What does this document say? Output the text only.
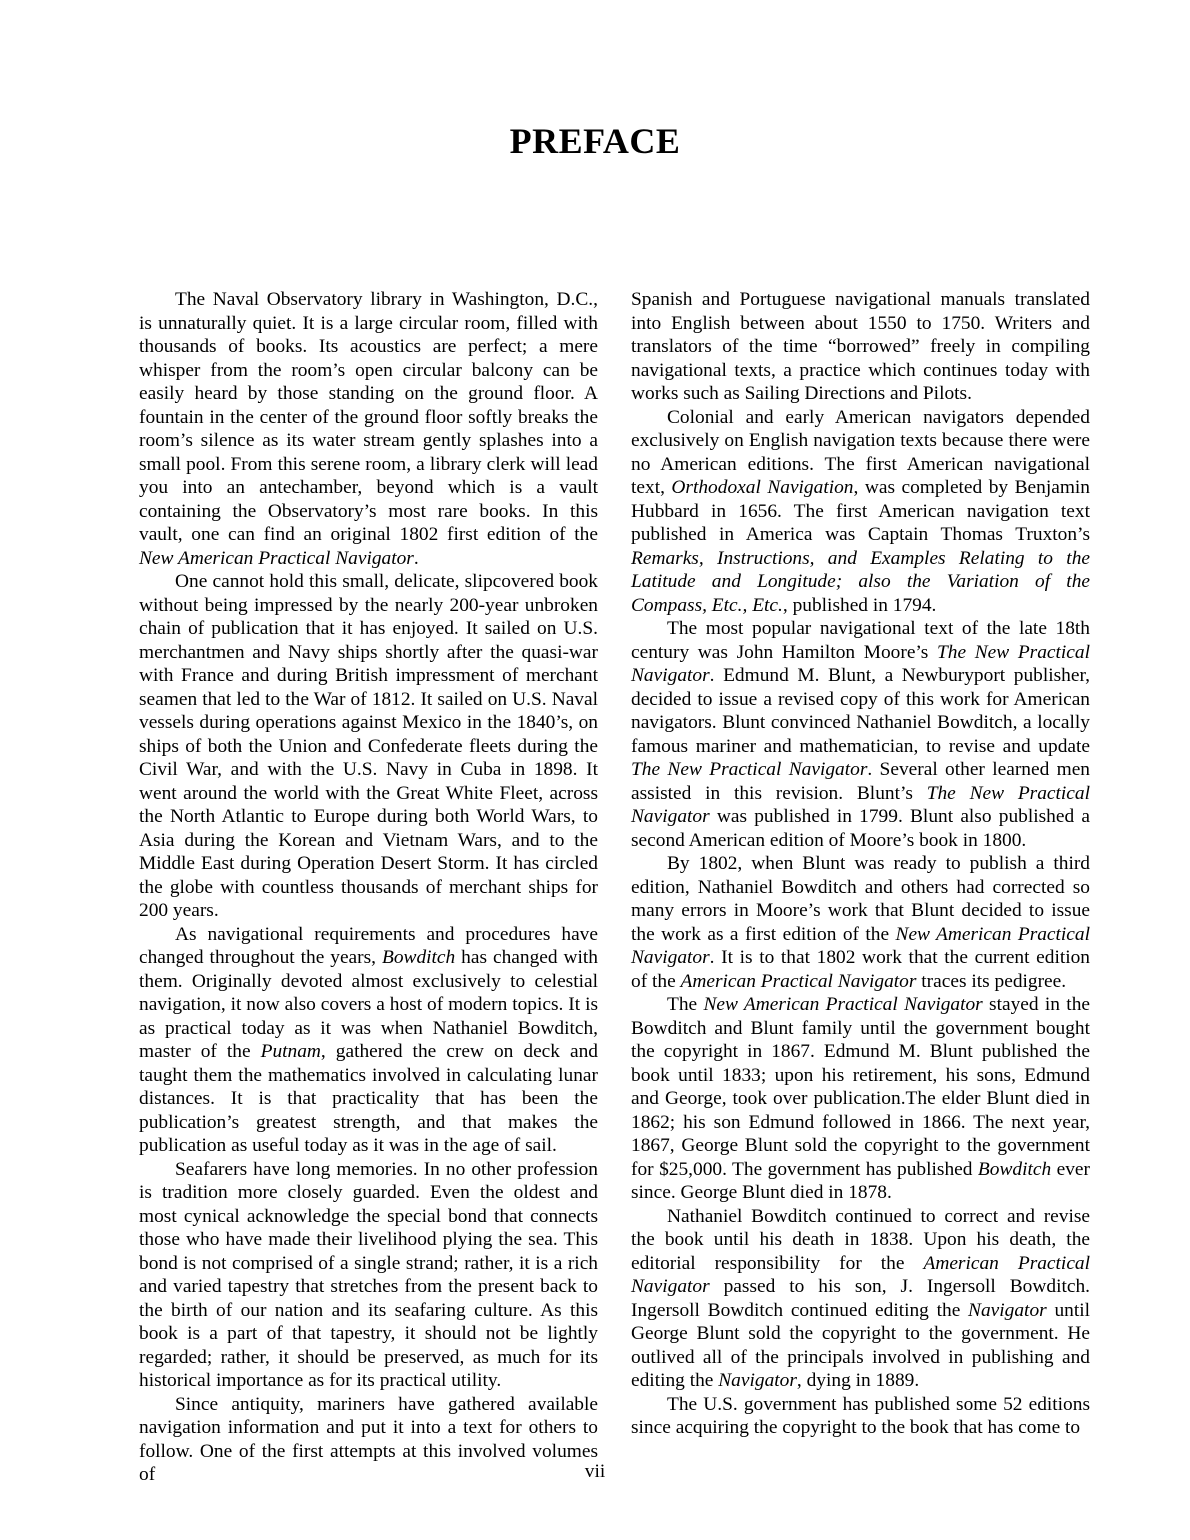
PREFACE

The Naval Observatory library in Washington, D.C., is unnaturally quiet. It is a large circular room, filled with thousands of books. Its acoustics are perfect; a mere whisper from the room’s open circular balcony can be easily heard by those standing on the ground floor. A fountain in the center of the ground floor softly breaks the room’s silence as its water stream gently splashes into a small pool. From this serene room, a library clerk will lead you into an antechamber, beyond which is a vault containing the Observatory’s most rare books. In this vault, one can find an original 1802 first edition of the New American Practical Navigator.

One cannot hold this small, delicate, slipcovered book without being impressed by the nearly 200-year unbroken chain of publication that it has enjoyed. It sailed on U.S. merchantmen and Navy ships shortly after the quasi-war with France and during British impressment of merchant seamen that led to the War of 1812. It sailed on U.S. Naval vessels during operations against Mexico in the 1840’s, on ships of both the Union and Confederate fleets during the Civil War, and with the U.S. Navy in Cuba in 1898. It went around the world with the Great White Fleet, across the North Atlantic to Europe during both World Wars, to Asia during the Korean and Vietnam Wars, and to the Middle East during Operation Desert Storm. It has circled the globe with countless thousands of merchant ships for 200 years.

As navigational requirements and procedures have changed throughout the years, Bowditch has changed with them. Originally devoted almost exclusively to celestial navigation, it now also covers a host of modern topics. It is as practical today as it was when Nathaniel Bowditch, master of the Putnam, gathered the crew on deck and taught them the mathematics involved in calculating lunar distances. It is that practicality that has been the publication’s greatest strength, and that makes the publication as useful today as it was in the age of sail.

Seafarers have long memories. In no other profession is tradition more closely guarded. Even the oldest and most cynical acknowledge the special bond that connects those who have made their livelihood plying the sea. This bond is not comprised of a single strand; rather, it is a rich and varied tapestry that stretches from the present back to the birth of our nation and its seafaring culture. As this book is a part of that tapestry, it should not be lightly regarded; rather, it should be preserved, as much for its historical importance as for its practical utility.

Since antiquity, mariners have gathered available navigation information and put it into a text for others to follow. One of the first attempts at this involved volumes of

Spanish and Portuguese navigational manuals translated into English between about 1550 to 1750. Writers and translators of the time “borrowed” freely in compiling navigational texts, a practice which continues today with works such as Sailing Directions and Pilots.

Colonial and early American navigators depended exclusively on English navigation texts because there were no American editions. The first American navigational text, Orthodoxal Navigation, was completed by Benjamin Hubbard in 1656. The first American navigation text published in America was Captain Thomas Truxton’s Remarks, Instructions, and Examples Relating to the Latitude and Longitude; also the Variation of the Compass, Etc., Etc., published in 1794.

The most popular navigational text of the late 18th century was John Hamilton Moore’s The New Practical Navigator. Edmund M. Blunt, a Newburyport publisher, decided to issue a revised copy of this work for American navigators. Blunt convinced Nathaniel Bowditch, a locally famous mariner and mathematician, to revise and update The New Practical Navigator. Several other learned men assisted in this revision. Blunt’s The New Practical Navigator was published in 1799. Blunt also published a second American edition of Moore’s book in 1800.

By 1802, when Blunt was ready to publish a third edition, Nathaniel Bowditch and others had corrected so many errors in Moore’s work that Blunt decided to issue the work as a first edition of the New American Practical Navigator. It is to that 1802 work that the current edition of the American Practical Navigator traces its pedigree.

The New American Practical Navigator stayed in the Bowditch and Blunt family until the government bought the copyright in 1867. Edmund M. Blunt published the book until 1833; upon his retirement, his sons, Edmund and George, took over publication.The elder Blunt died in 1862; his son Edmund followed in 1866. The next year, 1867, George Blunt sold the copyright to the government for $25,000. The government has published Bowditch ever since. George Blunt died in 1878.

Nathaniel Bowditch continued to correct and revise the book until his death in 1838. Upon his death, the editorial responsibility for the American Practical Navigator passed to his son, J. Ingersoll Bowditch. Ingersoll Bowditch continued editing the Navigator until George Blunt sold the copyright to the government. He outlived all of the principals involved in publishing and editing the Navigator, dying in 1889.

The U.S. government has published some 52 editions since acquiring the copyright to the book that has come to

vii
